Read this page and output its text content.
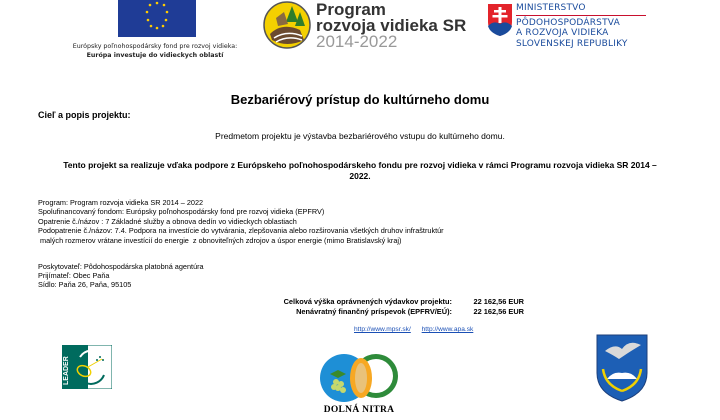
Európsky poľnohospodársky fond pre rozvoj vidieka:
Európa investuje do vidieckych oblastí
Program
rozvoja vidieka SR
2014-2022
MINISTERSTVO
PÔDOHOSPODÁRSTVA
A ROZVOJA VIDIEKA
SLOVENSKEJ REPUBLIKY
Bezbariérový prístup do kultúrneho domu
Cieľ a popis projektu:
Predmetom projektu je výstavba bezbariérového vstupu do kultúrneho domu.
Tento projekt sa realizuje vďaka podpore z Európskeho poľnohospodárskeho fondu pre rozvoj vidieka v rámci Programu rozvoja vidieka SR 2014 – 2022.
Program: Program rozvoja vidieka SR 2014 – 2022
Spolufinancovaný fondom: Európsky poľnohospodársky fond pre rozvoj vidieka (EPFRV)
Opatrenie č./názov : 7 Základné služby a obnova dedín vo vidieckych oblastiach
Podopatrenie č./názov: 7.4. Podpora na investície do vytvárania, zlepšovania alebo rozširovania všetkých druhov infraštruktúr
malých rozmerov vrátane investícií do energie  z obnoviteľných zdrojov a úspor energie (mimo Bratislavský kraj)
Poskytovateľ: Pôdohospodárska platobná agentúra
Prijímateľ: Obec Paňa
Sídlo: Paňa 26, Paňa, 95105
Celková výška oprávnených výdavkov projektu:	22 162,56 EUR
Nenávratný finančný príspevok (EPFRV/EÚ):	22 162,56 EUR
http://www.mpsr.sk/ http://www.apa.sk
LEADER
DOLNÁ NITRA
